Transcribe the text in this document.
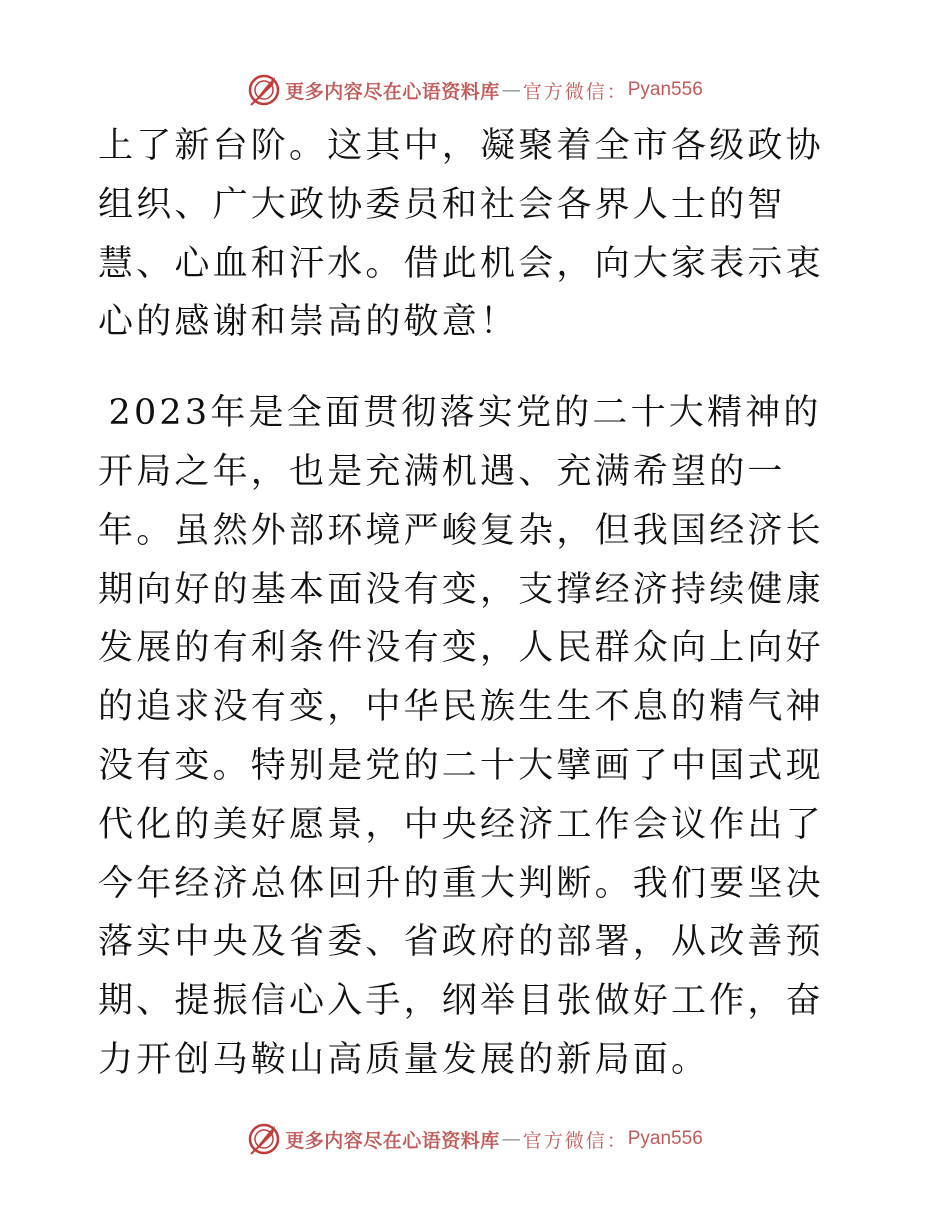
更多内容尽在心语资料库 — 官方微信： Pyan556

上了新台阶。这其中，凝聚着全市各级政协组织、广大政协委员和社会各界人士的智慧、心血和汗水。借此机会，向大家表示衷心的感谢和崇高的敬意！

2023年是全面贯彻落实党的二十大精神的开局之年，也是充满机遇、充满希望的一年。虽然外部环境严峻复杂，但我国经济长期向好的基本面没有变，支撑经济持续健康发展的有利条件没有变，人民群众向上向好的追求没有变，中华民族生生不息的精气神没有变。特别是党的二十大擘画了中国式现代化的美好愿景，中央经济工作会议作出了今年经济总体回升的重大判断。我们要坚决落实中央及省委、省政府的部署，从改善预期、提振信心入手，纲举目张做好工作，奋力开创马鞍山高质量发展的新局面。

更多内容尽在心语资料库 — 官方微信： Pyan556
